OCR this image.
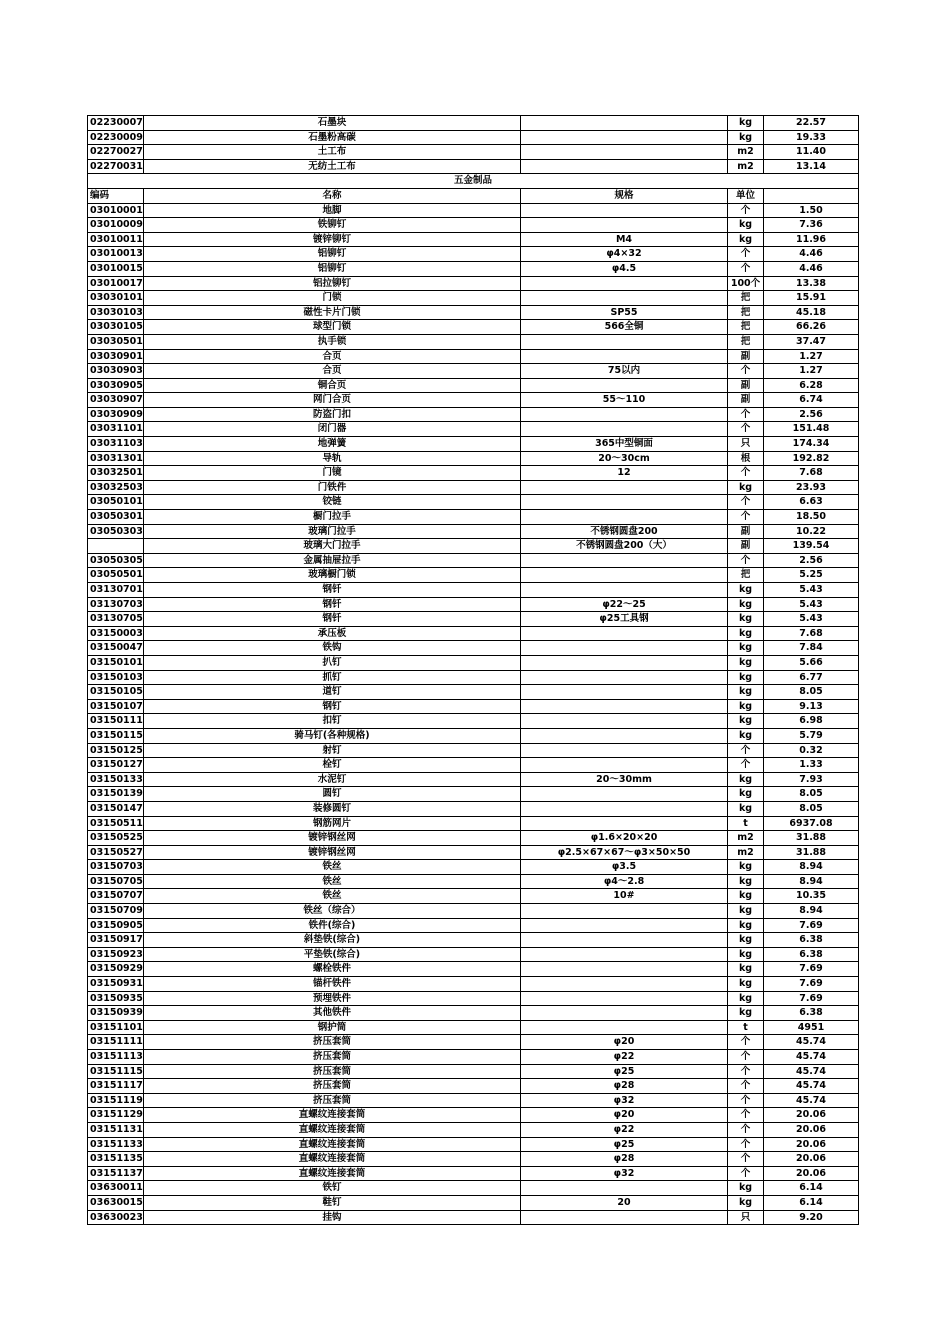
02230007	石墨块		kg	22.57
02230009	石墨粉高碳		kg	19.33
02270027	土工布		m2	11.40
02270031	无纺土工布		m2	13.14
五金制品				
编码	名称	规格	单位	
03010001	地脚		个	1.50
03010009	铁铆钉		kg	7.36
03010011	镀锌铆钉	M4	kg	11.96
03010013	铝铆钉	φ4×32	个	4.46
03010015	铝铆钉	φ4.5	个	4.46
03010017	铝拉铆钉		100个	13.38
03030101	门锁		把	15.91
03030103	磁性卡片门锁	SP55	把	45.18
03030105	球型门锁	566全铜	把	66.26
03030501	执手锁		把	37.47
03030901	合页		副	1.27
03030903	合页	75以内	个	1.27
03030905	铜合页		副	6.28
03030907	网门合页	55～110	副	6.74
03030909	防盗门扣		个	2.56
03031101	闭门器		个	151.48
03031103	地弹簧	365中型铜面	只	174.34
03031301	导轨	20～30cm	根	192.82
03032501	门镜	12	个	7.68
03032503	门铁件		kg	23.93
03050101	铰链		个	6.63
03050301	橱门拉手		个	18.50
03050303	玻璃门拉手	不锈钢圆盘200	副	10.22
	玻璃大门拉手	不锈钢圆盘200（大）	副	139.54
03050305	金属抽屉拉手		个	2.56
03050501	玻璃橱门锁		把	5.25
03130701	钢钎		kg	5.43
03130703	钢钎	φ22～25	kg	5.43
03130705	钢钎	φ25工具钢	kg	5.43
03150003	承压板		kg	7.68
03150047	铁钩		kg	7.84
03150101	扒钉		kg	5.66
03150103	抓钉		kg	6.77
03150105	道钉		kg	8.05
03150107	钢钉		kg	9.13
03150111	扣钉		kg	6.98
03150115	骑马钉(各种规格)		kg	5.79
03150125	射钉		个	0.32
03150127	栓钉		个	1.33
03150133	水泥钉	20～30mm	kg	7.93
03150139	圆钉		kg	8.05
03150147	装修圆钉		kg	8.05
03150511	钢筋网片		t	6937.08
03150525	镀锌钢丝网	φ1.6×20×20	m2	31.88
03150527	镀锌钢丝网	φ2.5×67×67～φ3×50×50	m2	31.88
03150703	铁丝	φ3.5	kg	8.94
03150705	铁丝	φ4～2.8	kg	8.94
03150707	铁丝	10#	kg	10.35
03150709	铁丝（综合）		kg	8.94
03150905	铁件(综合)		kg	7.69
03150917	斜垫铁(综合)		kg	6.38
03150923	平垫铁(综合)		kg	6.38
03150929	螺栓铁件		kg	7.69
03150931	锚杆铁件		kg	7.69
03150935	预埋铁件		kg	7.69
03150939	其他铁件		kg	6.38
03151101	钢护筒		t	4951
03151111	挤压套筒	φ20	个	45.74
03151113	挤压套筒	φ22	个	45.74
03151115	挤压套筒	φ25	个	45.74
03151117	挤压套筒	φ28	个	45.74
03151119	挤压套筒	φ32	个	45.74
03151129	直螺纹连接套筒	φ20	个	20.06
03151131	直螺纹连接套筒	φ22	个	20.06
03151133	直螺纹连接套筒	φ25	个	20.06
03151135	直螺纹连接套筒	φ28	个	20.06
03151137	直螺纹连接套筒	φ32	个	20.06
03630011	铁钉		kg	6.14
03630015	鞋钉	20	kg	6.14
03630023	挂钩		只	9.20
